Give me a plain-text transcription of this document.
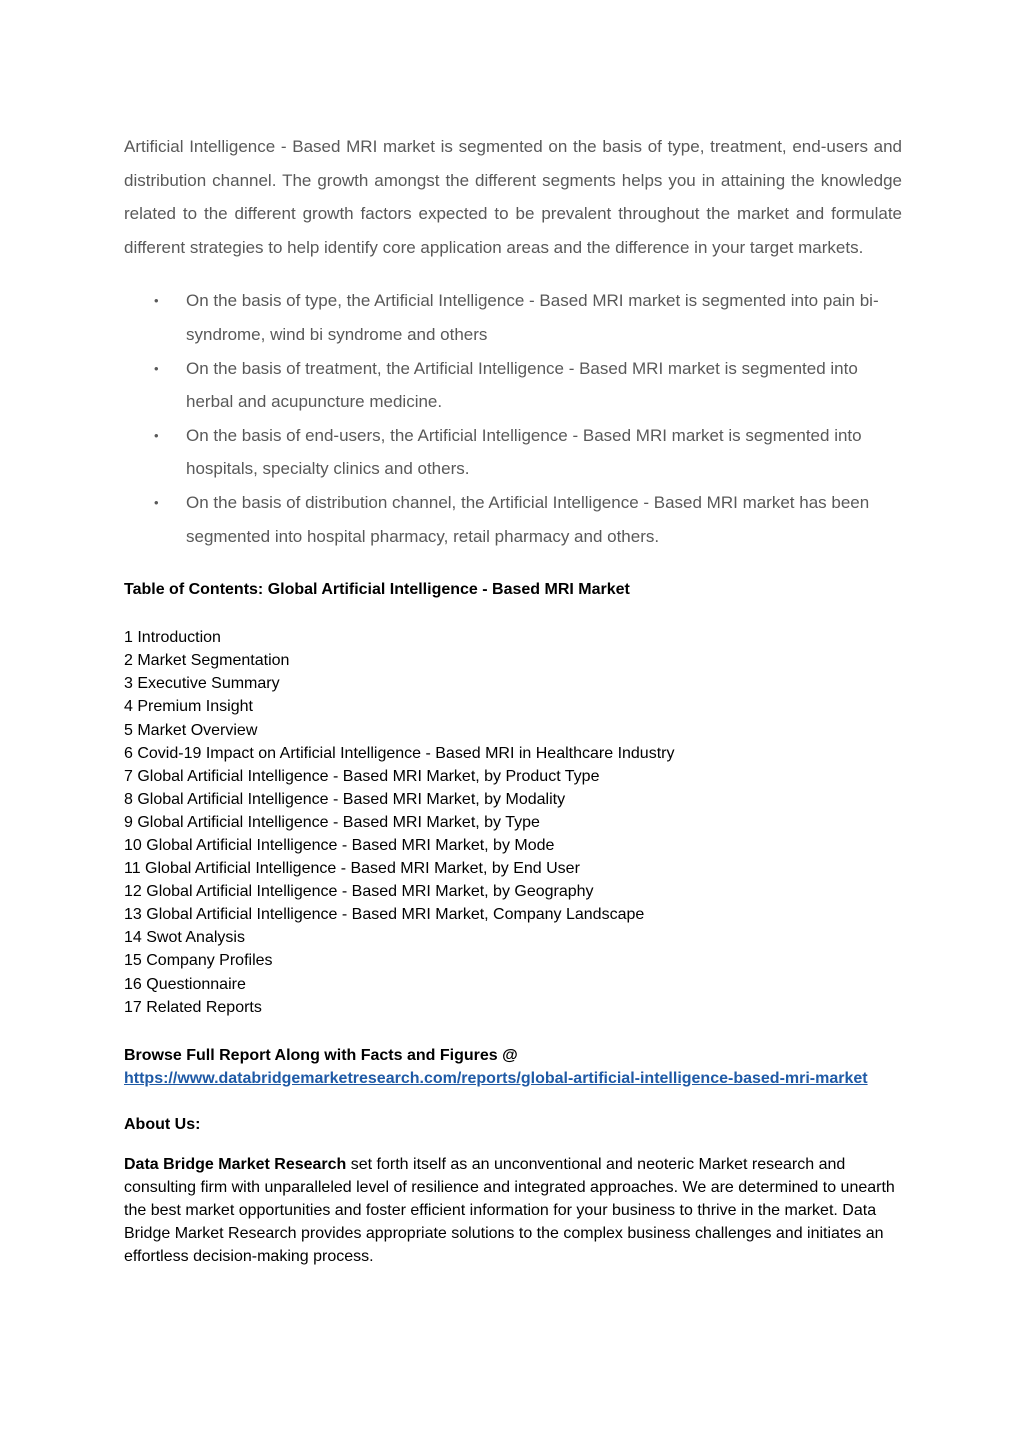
Artificial Intelligence - Based MRI market is segmented on the basis of type, treatment, end-users and distribution channel. The growth amongst the different segments helps you in attaining the knowledge related to the different growth factors expected to be prevalent throughout the market and formulate different strategies to help identify core application areas and the difference in your target markets.

• On the basis of type, the Artificial Intelligence - Based MRI market is segmented into pain bi-syndrome, wind bi syndrome and others
• On the basis of treatment, the Artificial Intelligence - Based MRI market is segmented into herbal and acupuncture medicine.
• On the basis of end-users, the Artificial Intelligence - Based MRI market is segmented into hospitals, specialty clinics and others.
• On the basis of distribution channel, the Artificial Intelligence - Based MRI market has been segmented into hospital pharmacy, retail pharmacy and others.

Table of Contents: Global Artificial Intelligence - Based MRI Market

1 Introduction
2 Market Segmentation
3 Executive Summary
4 Premium Insight
5 Market Overview
6 Covid-19 Impact on Artificial Intelligence - Based MRI in Healthcare Industry
7 Global Artificial Intelligence - Based MRI Market, by Product Type
8 Global Artificial Intelligence - Based MRI Market, by Modality
9 Global Artificial Intelligence - Based MRI Market, by Type
10 Global Artificial Intelligence - Based MRI Market, by Mode
11 Global Artificial Intelligence - Based MRI Market, by End User
12 Global Artificial Intelligence - Based MRI Market, by Geography
13 Global Artificial Intelligence - Based MRI Market, Company Landscape
14 Swot Analysis
15 Company Profiles
16 Questionnaire
17 Related Reports
Browse Full Report Along with Facts and Figures @
https://www.databridgemarketresearch.com/reports/global-artificial-intelligence-based-mri-market

About Us:

Data Bridge Market Research set forth itself as an unconventional and neoteric Market research and consulting firm with unparalleled level of resilience and integrated approaches. We are determined to unearth the best market opportunities and foster efficient information for your business to thrive in the market. Data Bridge Market Research provides appropriate solutions to the complex business challenges and initiates an effortless decision-making process.
